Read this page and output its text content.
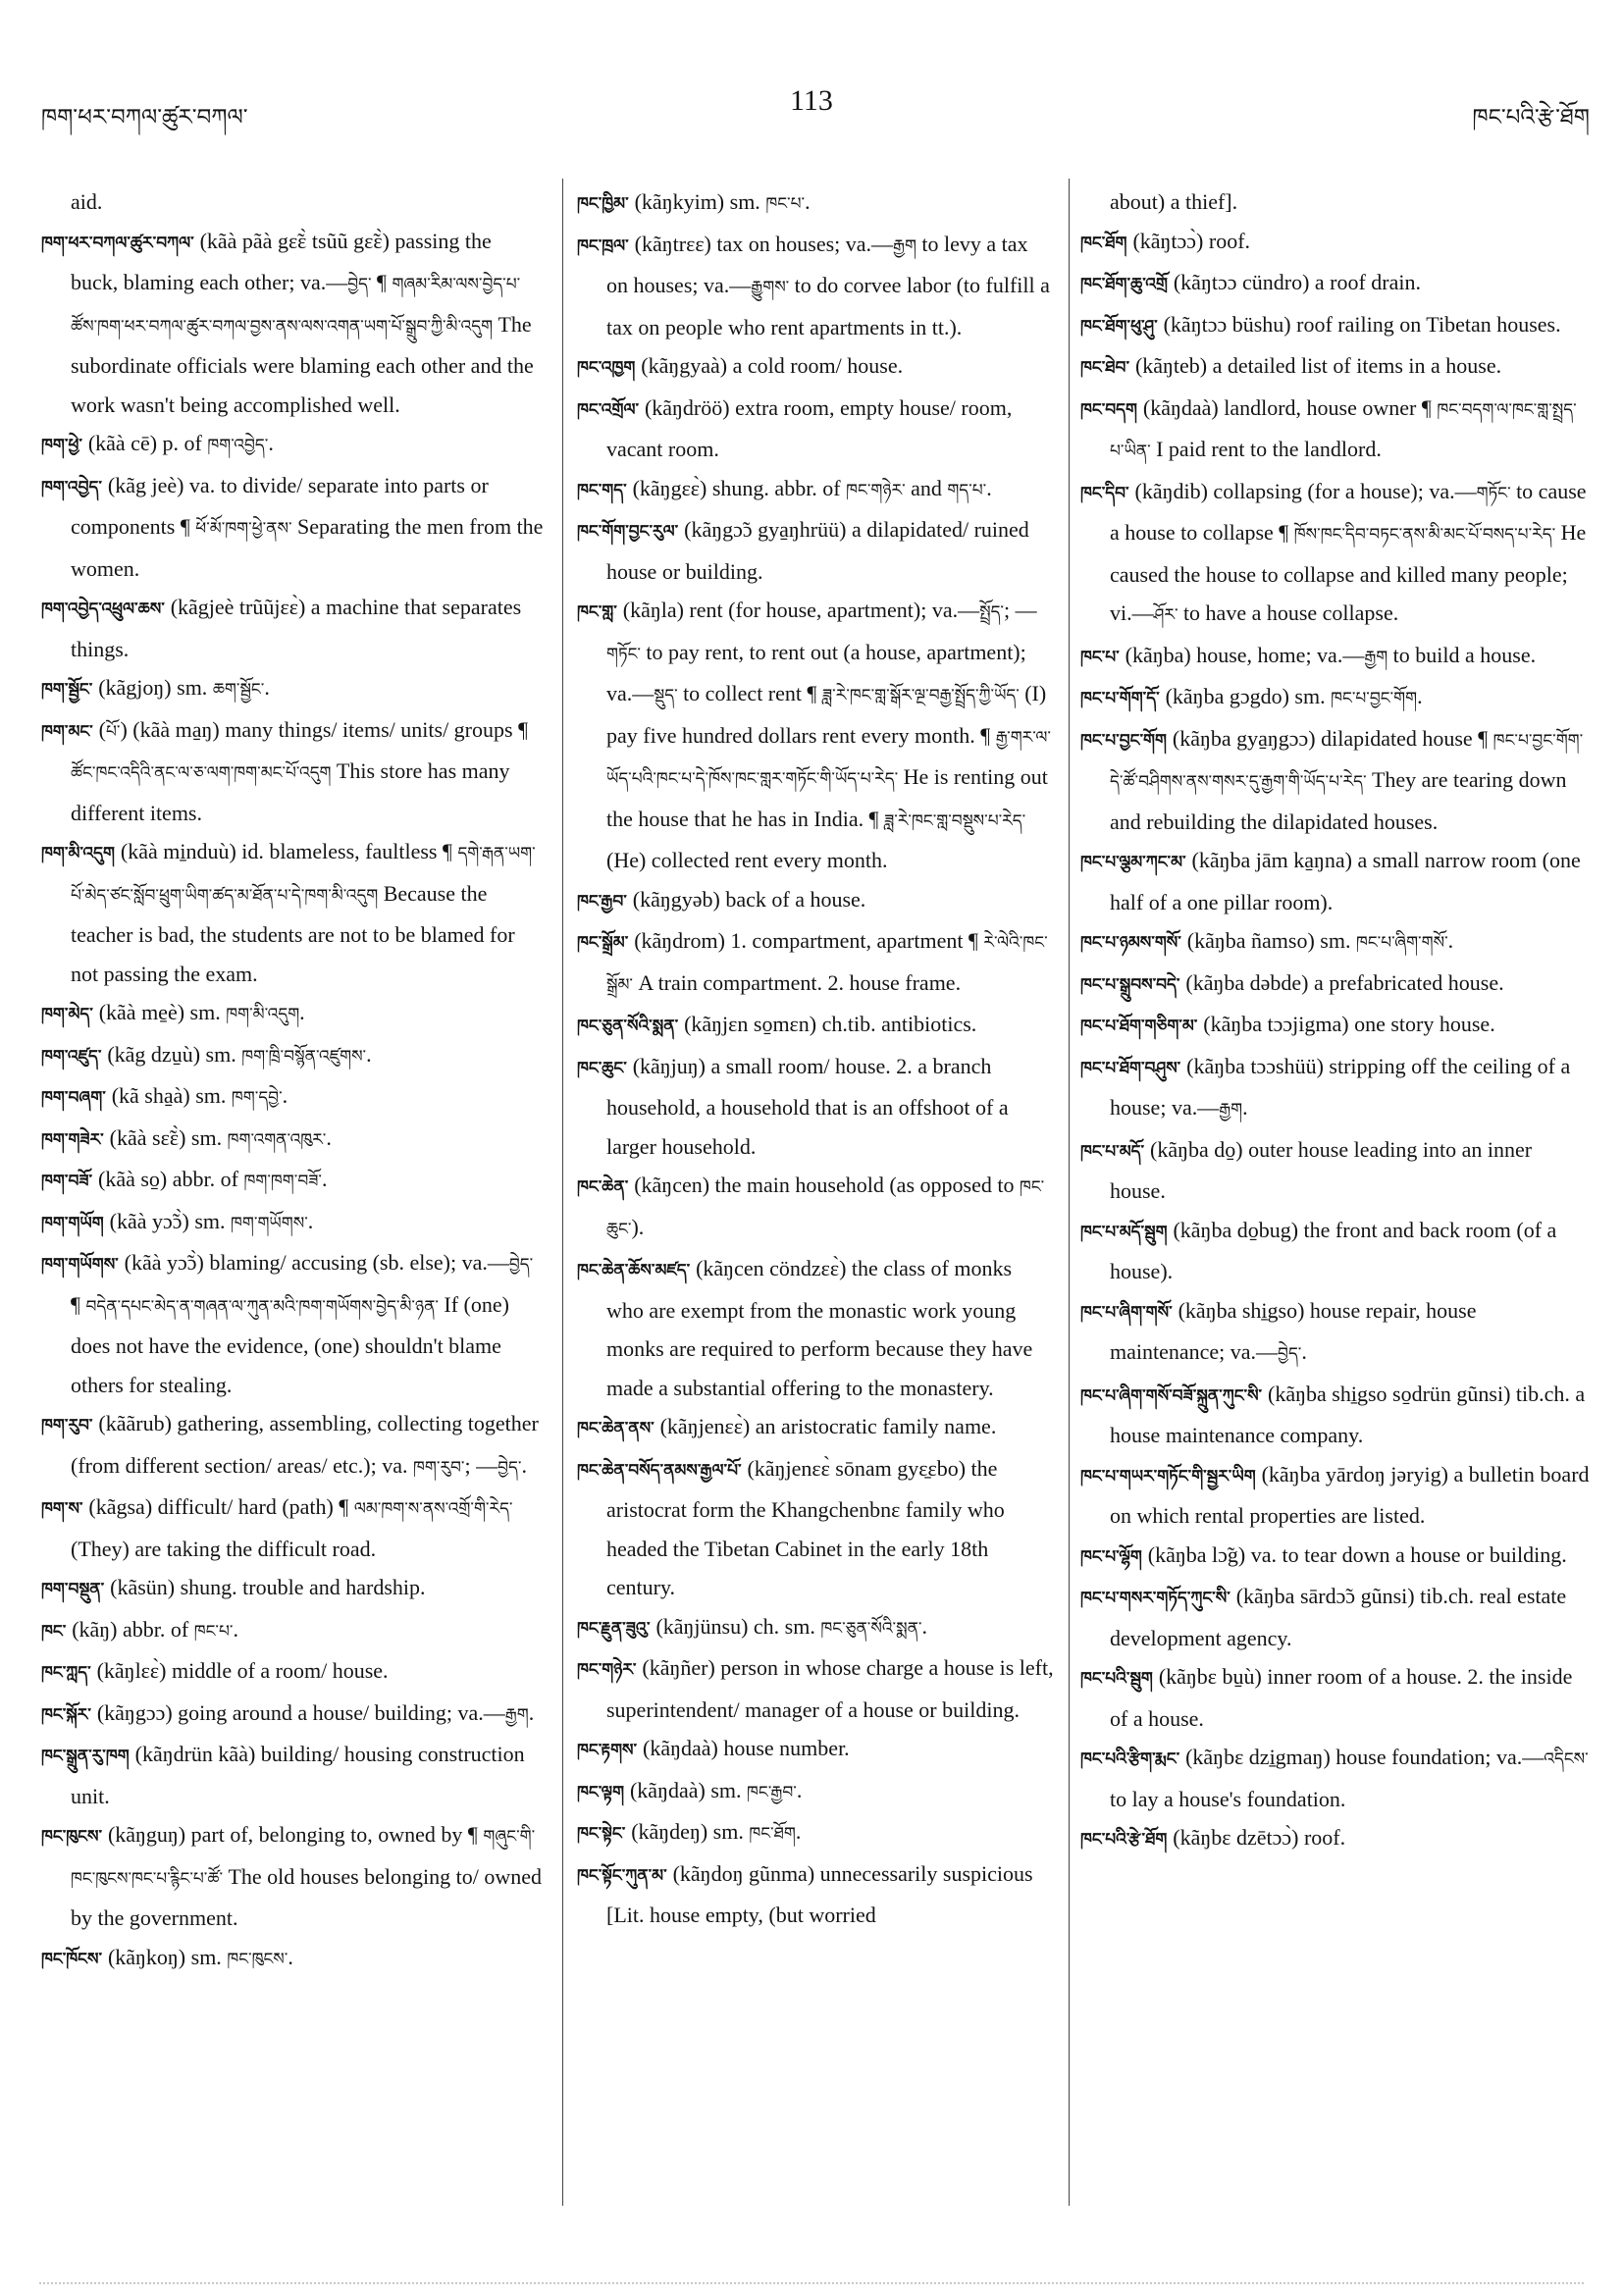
ཁག་ཕར་བཀལ་ཚུར་བཀལ་
113
ཁང་པའི་རྩེ་ཐོག

aid.

ཁག་ཕར་བཀལ་ཚུར་བཀལ་ (kãà pãà gɛ̃ɛ̀ tsũũ gɛ̃ɛ̀) passing the buck, blaming each other; va.—བྱེད་ ¶ གཞམ་རིམ་ལས་བྱེད་པ་ཚོས་ཁག་ཕར་བཀལ་ཚུར་བཀལ་བྱས་ནས་ལས་འགན་ཡག་པོ་སྒྲུབ་ཀྱི་མི་འདུག The subordinate officials were blaming each other and the work wasn't being accomplished well.

ཁག་ཕྱེ་ (kãà cē) p. of ཁག་འབྱེད་.

ཁག་འབྱེད་ (kãg jeè) va. to divide/ separate into parts or components ¶ ཕོ་མོ་ཁག་ཕྱེ་ནས་ Separating the men from the women.

ཁག་འབྱེད་འཕྲུལ་ཆས་ (kãgjeè trũũjɛɛ̀) a machine that separates things.

ཁག་སྦྱོང་ (kãgjoŋ) sm. ཆག་སྦྱོང་.

ཁག་མང་ (པོ་) (kãà ma̱ŋ) many things/ items/ units/ groups ¶ ཚོང་ཁང་འདིའི་ནང་ལ་ཅ་ལག་ཁག་མང་པོ་འདུག This store has many different items.

ཁག་མི་འདུག (kãà mi̱nduù) id. blameless, faultless ¶ དགེ་རྒན་ཡག་པོ་མེད་ཙང་སློབ་ཕྲུག་ཡིག་ཚད་མ་ཐོན་པ་དེ་ཁག་མི་འདུག Because the teacher is bad, the students are not to be blamed for not passing the exam.

ཁག་མེད་ (kãà me̱è) sm. ཁག་མི་འདུག.

ཁག་འཛུད་ (kãg dzu̱ù) sm. ཁག་ཁྲི་བསྙོན་འཛུགས་.

ཁག་བཞག་ (kã sha̱à) sm. ཁག་དབྱེ་.

ཁག་གཟེར་ (kãà sɛ̃ɛ̀) sm. ཁག་འགན་འཁུར་.

ཁག་བཟོ་ (kãà so̱) abbr. of ཁག་ཁག་བཟོ་.

ཁག་གཡོག (kãà yɔ̃ɔ̀) sm. ཁག་གཡོགས་.

ཁག་གཡོགས་ (kãà yɔ̃ɔ̀) blaming/ accusing (sb. else); va.—བྱེད་ ¶ བདེན་དཔང་མེད་ན་གཞན་ལ་ཀུན་མའི་ཁག་གཡོགས་བྱེད་མི་ཉན་ If (one) does not have the evidence, (one) shouldn't blame others for stealing.

ཁག་རུབ་ (kããrub) gathering, assembling, collecting together (from different section/ areas/ etc.); va. ཁག་རུབ་; —བྱེད་.

ཁག་ས་ (kãgsa) difficult/ hard (path) ¶ ལམ་ཁག་ས་ནས་འགྲོ་གི་རེད་ (They) are taking the difficult road.

ཁག་བསྡུན་ (kãsün) shung. trouble and hardship.

ཁང་ (kãŋ) abbr. of ཁང་པ་.

ཁང་ཀླད་ (kãŋlɛɛ̀) middle of a room/ house.

ཁང་སྐོར་ (kãŋgɔɔ) going around a house/ building; va.—རྒྱག.

ཁང་སྒྲུན་རུ་ཁག (kãŋdrün kãà) building/ housing construction unit.

ཁང་ཁུངས་ (kãŋguŋ) part of, belonging to, owned by ¶ གཞུང་གི་ཁང་ཁུངས་ཁང་པ་རྙིང་པ་ཚོ་ The old houses belonging to/ owned by the government.

ཁང་ཁོངས་ (kãŋkoŋ) sm. ཁང་ཁུངས་.

ཁང་ཁྱིམ་ (kãŋkyim) sm. ཁང་པ་.

ཁང་ཁྲལ་ (kãŋtrɛɛ) tax on houses; va.—རྒྱག to levy a tax on houses; va.—རྒྱུགས་ to do corvee labor (to fulfill a tax on people who rent apartments in tt.).

ཁང་འཁྱག (kãŋgyaà) a cold room/ house.

ཁང་འགྲོལ་ (kãŋdröö) extra room, empty house/ room, vacant room.

ཁང་གད་ (kãŋgɛɛ̀) shung. abbr. of ཁང་གཉེར་ and གད་པ་.

ཁང་གོག་བྱང་རུལ་ (kãŋgɔ̃ɔ gya̱ŋhrüü) a dilapidated/ ruined house or building.

ཁང་གླ་ (kãŋla) rent (for house, apartment); va.—སྤྲོད་; —གཏོང་ to pay rent, to rent out (a house, apartment); va.—སྡུད་ to collect rent ¶ ཟླ་རེ་ཁང་གླ་སྒོར་ལྔ་བརྒྱ་སྤྲོད་ཀྱི་ཡོད་ (I) pay five hundred dollars rent every month. ¶ རྒྱ་གར་ལ་ཡོད་པའི་ཁང་པ་དེ་ཁོས་ཁང་གླར་གཏོང་གི་ཡོད་པ་རེད་ He is renting out the house that he has in India. ¶ ཟླ་རེ་ཁང་གླ་བསྡུས་པ་རེད་ (He) collected rent every month.

ཁང་རྒྱབ་ (kãŋgyəb) back of a house.

ཁང་སྒྲོམ་ (kãŋdrom) 1. compartment, apartment ¶ རེ་ལེའི་ཁང་སྒྲོམ་ A train compartment. 2. house frame.

ཁང་ཅུན་སོའི་སྨན་ (kãŋjɛn so̱mɛn) ch.tib. antibiotics.

ཁང་ཆུང་ (kãŋjuŋ) a small room/ house. 2. a branch household, a household that is an offshoot of a larger household.

ཁང་ཆེན་ (kãŋcen) the main household (as opposed to ཁང་ཆུང་).

ཁང་ཆེན་ཆོས་མཛད་ (kãŋcen cöndzɛɛ̀) the class of monks who are exempt from the monastic work young monks are required to perform because they have made a substantial offering to the monastery.

ཁང་ཆེན་ནས་ (kãŋjenɛɛ̀) an aristocratic family name.

ཁང་ཆེན་བསོད་ནམས་རྒྱལ་པོ་ (kãŋjenɛɛ̀ sōnam gyɛ̱ɛbo) the aristocrat form the Khangchenbnɛ family who headed the Tibetan Cabinet in the early 18th century.

ཁང་རྗུན་ཟུའུ་ (kãŋjünsu) ch. sm. ཁང་ཅུན་སོའི་སྨན་.

ཁང་གཉེར་ (kãŋñer) person in whose charge a house is left, superintendent/ manager of a house or building.

ཁང་རྟགས་ (kãŋdaà) house number.

ཁང་ལྟག (kãŋdaà) sm. ཁང་རྒྱབ་.

ཁང་སྟེང་ (kãŋdeŋ) sm. ཁང་ཐོག.

ཁང་སྟོང་ཀུན་མ་ (kãŋdoŋ gũnma) unnecessarily suspicious [Lit. house empty, (but worried

about) a thief].

ཁང་ཐོག (kãŋtɔɔ̀) roof.

ཁང་ཐོག་ཆུ་འགྲོ (kãŋtɔɔ cündro) a roof drain.

ཁང་ཐོག་ཕུ་ཤུ་ (kãŋtɔɔ büshu) roof railing on Tibetan houses.

ཁང་ཐེབ་ (kãŋteb) a detailed list of items in a house.

ཁང་བདག (kãŋdaà) landlord, house owner ¶ ཁང་བདག་ལ་ཁང་གླ་སྤྲད་པ་ཡིན་ I paid rent to the landlord.

ཁང་དིབ་ (kãŋdib) collapsing (for a house); va.—གཏོང་ to cause a house to collapse ¶ ཁོས་ཁང་དིབ་བཏང་ནས་མི་མང་པོ་བསད་པ་རེད་ He caused the house to collapse and killed many people; vi.—ཤོར་ to have a house collapse.

ཁང་པ་ (kãŋba) house, home; va.—རྒྱག to build a house.

ཁང་པ་གོག་དོ་ (kãŋba gɔgdo) sm. ཁང་པ་བྱང་གོག.

ཁང་པ་བྱང་གོག (kãŋba gya̱ŋgɔɔ) dilapidated house ¶ ཁང་པ་བྱང་གོག་དེ་ཚོ་བཤིགས་ནས་གསར་དུ་རྒྱག་གི་ཡོད་པ་རེད་ They are tearing down and rebuilding the dilapidated houses.

ཁང་པ་ལྕམ་ཀང་མ་ (kãŋba jām ka̱ŋna) a small narrow room (one half of a one pillar room).

ཁང་པ་ཉམས་གསོ་ (kãŋba ñamso) sm. ཁང་པ་ཞིག་གསོ་.

ཁང་པ་སྒྲུབས་བདེ་ (kãŋba dəbde) a prefabricated house.

ཁང་པ་ཐོག་གཅིག་མ་ (kãŋba tɔɔjigma) one story house.

ཁང་པ་ཐོག་བཤུས་ (kãŋba tɔɔshüü) stripping off the ceiling of a house; va.—རྒྱག.

ཁང་པ་མདོ་ (kãŋba do̱) outer house leading into an inner house.

ཁང་པ་མདོ་སྦུག (kãŋba do̱bug) the front and back room (of a house).

ཁང་པ་ཞིག་གསོ་ (kãŋba shi̱gso) house repair, house maintenance; va.—བྱེད་.

ཁང་པ་ཞིག་གསོ་བཟོ་སྐྲུན་ཀུང་སི་ (kãŋba shi̱gso so̱drün gũnsi) tib.ch. a house maintenance company.

ཁང་པ་གཡར་གཏོང་གི་སྦྱར་ཡིག (kãŋba yārdoŋ jəryig) a bulletin board on which rental properties are listed.

ཁང་པ་ལྷོག (kãŋba lɔ̃g) va. to tear down a house or building.

ཁང་པ་གསར་གཏོད་ཀུང་སི་ (kãŋba sārdɔ̃ɔ gũnsi) tib.ch. real estate development agency.

ཁང་པའི་སྦུག (kãŋbɛ bu̱ù) inner room of a house. 2. the inside of a house.

ཁང་པའི་རྩིག་རྨང་ (kãŋbɛ dzi̱gmaŋ) house foundation; va.—འདིངས་ to lay a house's foundation.

ཁང་པའི་རྩེ་ཐོག (kãŋbɛ dzētɔɔ̀) roof.
